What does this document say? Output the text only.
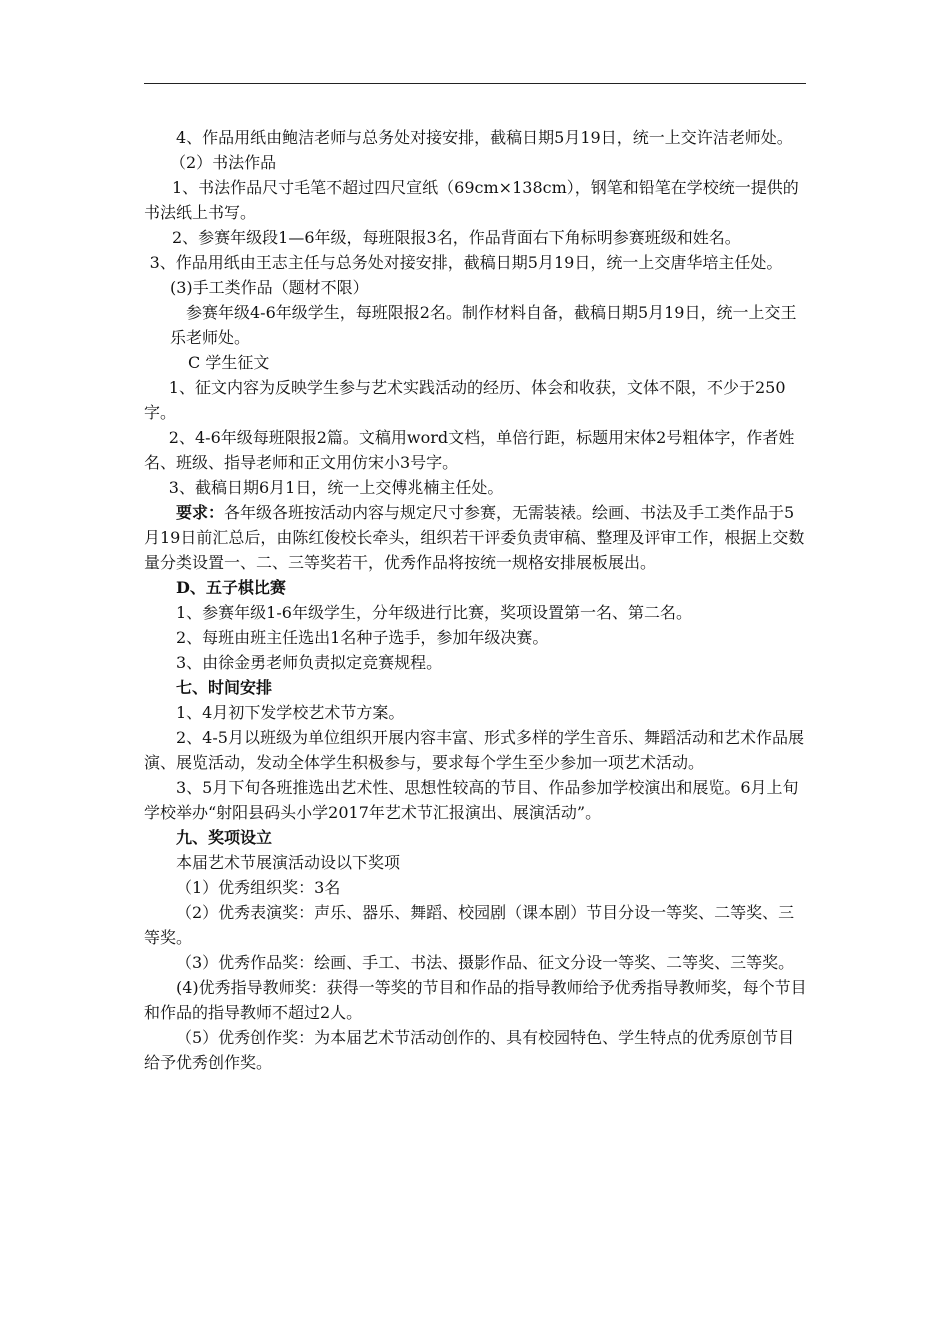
4、作品用纸由鲍洁老师与总务处对接安排，截稿日期5月19日，统一上交许洁老师处。

（2）书法作品

1、书法作品尺寸毛笔不超过四尺宣纸（69cm×138cm），钢笔和铅笔在学校统一提供的书法纸上书写。

2、参赛年级段1—6年级，每班限报3名，作品背面右下角标明参赛班级和姓名。

3、作品用纸由王志主任与总务处对接安排，截稿日期5月19日，统一上交唐华培主任处。

(3)手工类作品（题材不限）

参赛年级4-6年级学生，每班限报2名。制作材料自备，截稿日期5月19日，统一上交王乐老师处。

C 学生征文

1、征文内容为反映学生参与艺术实践活动的经历、体会和收获，文体不限，不少于250字。

2、4-6年级每班限报2篇。文稿用word文档，单倍行距，标题用宋体2号粗体字，作者姓名、班级、指导老师和正文用仿宋小3号字。

3、截稿日期6月1日，统一上交傅兆楠主任处。

要求：各年级各班按活动内容与规定尺寸参赛，无需装裱。绘画、书法及手工类作品于5月19日前汇总后，由陈红俊校长牵头，组织若干评委负责审稿、整理及评审工作，根据上交数量分类设置一、二、三等奖若干，优秀作品将按统一规格安排展板展出。

D、五子棋比赛

1、参赛年级1-6年级学生，分年级进行比赛，奖项设置第一名、第二名。

2、每班由班主任选出1名种子选手，参加年级决赛。

3、由徐金勇老师负责拟定竞赛规程。

七、时间安排

1、4月初下发学校艺术节方案。

2、4-5月以班级为单位组织开展内容丰富、形式多样的学生音乐、舞蹈活动和艺术作品展演、展览活动，发动全体学生积极参与，要求每个学生至少参加一项艺术活动。

3、5月下旬各班推选出艺术性、思想性较高的节目、作品参加学校演出和展览。6月上旬学校举办“射阳县码头小学2017年艺术节汇报演出、展演活动”。

九、奖项设立

本届艺术节展演活动设以下奖项

（1）优秀组织奖：3名

（2）优秀表演奖：声乐、器乐、舞蹈、校园剧（课本剧）节目分设一等奖、二等奖、三等奖。

（3）优秀作品奖：绘画、手工、书法、摄影作品、征文分设一等奖、二等奖、三等奖。

(4)优秀指导教师奖：获得一等奖的节目和作品的指导教师给予优秀指导教师奖，每个节目和作品的指导教师不超过2人。

（5）优秀创作奖：为本届艺术节活动创作的、具有校园特色、学生特点的优秀原创节目给予优秀创作奖。
